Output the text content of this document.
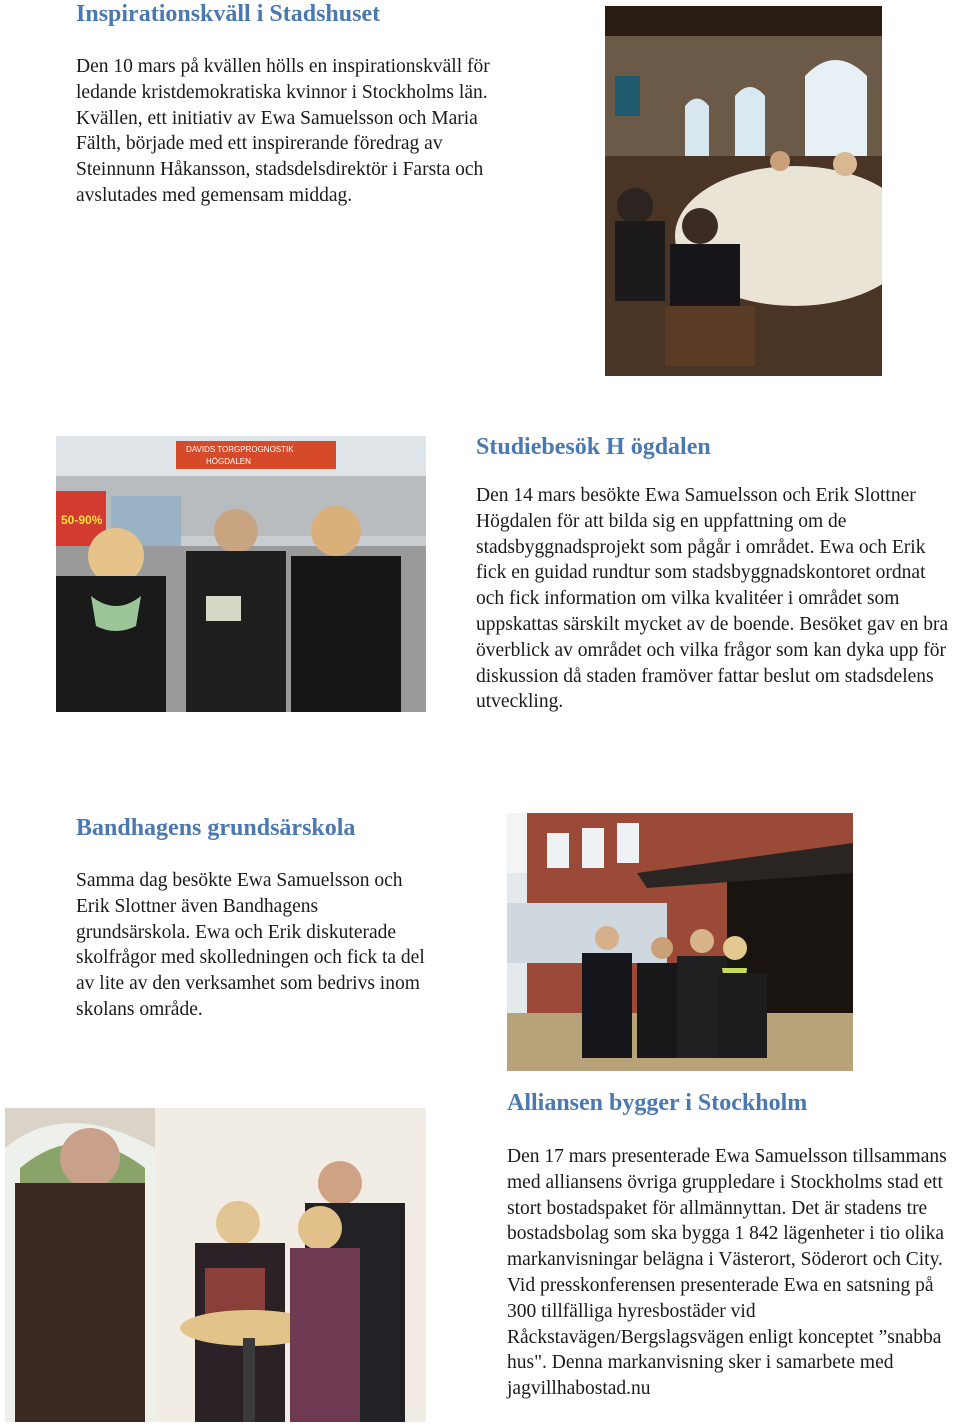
Inspirationskväll i Stadshuset

Den 10 mars på kvällen hölls en inspirationskväll för ledande kristdemokratiska kvinnor i Stockholms län. Kvällen, ett initiativ av Ewa Samuelsson och Maria Fälth, började med ett inspirerande föredrag av Steinnunn Håkansson, stadsdelsdirektör i Farsta och avslutades med gemensam middag.

DAVIDS TORGPROGNOSTIK
HÖGDALEN
50-90%
Studiebesök H ögdalen

Den 14 mars besökte Ewa Samuelsson och Erik Slottner Högdalen för att bilda sig en uppfattning om de stadsbyggnadsprojekt som pågår i området. Ewa och Erik fick en guidad rundtur som stadsbyggnadskontoret ordnat och fick information om vilka kvalitéer i området som uppskattas särskilt mycket av de boende. Besöket gav en bra överblick av området och vilka frågor som kan dyka upp för diskussion då staden framöver fattar beslut om stadsdelens utveckling.

Bandhagens grundsärskola

Samma dag besökte Ewa Samuelsson och Erik Slottner även Bandhagens grundsärskola. Ewa och Erik diskuterade skolfrågor med skolledningen och fick ta del av lite av den verksamhet som bedrivs inom skolans område.

Alliansen bygger i Stockholm

Den 17 mars presenterade Ewa Samuelsson tillsammans med alliansens övriga gruppledare i Stockholms stad ett stort bostadspaket för allmännyttan. Det är stadens tre bostadsbolag som ska bygga 1 842 lägenheter i tio olika markanvisningar belägna i Västerort, Söderort och City. Vid presskonferensen presenterade Ewa en satsning på 300 tillfälliga hyresbostäder vid Råckstavägen/Bergslagsvägen enligt konceptet ”snabba hus". Denna markanvisning sker i samarbete med jagvillhabostad.nu
